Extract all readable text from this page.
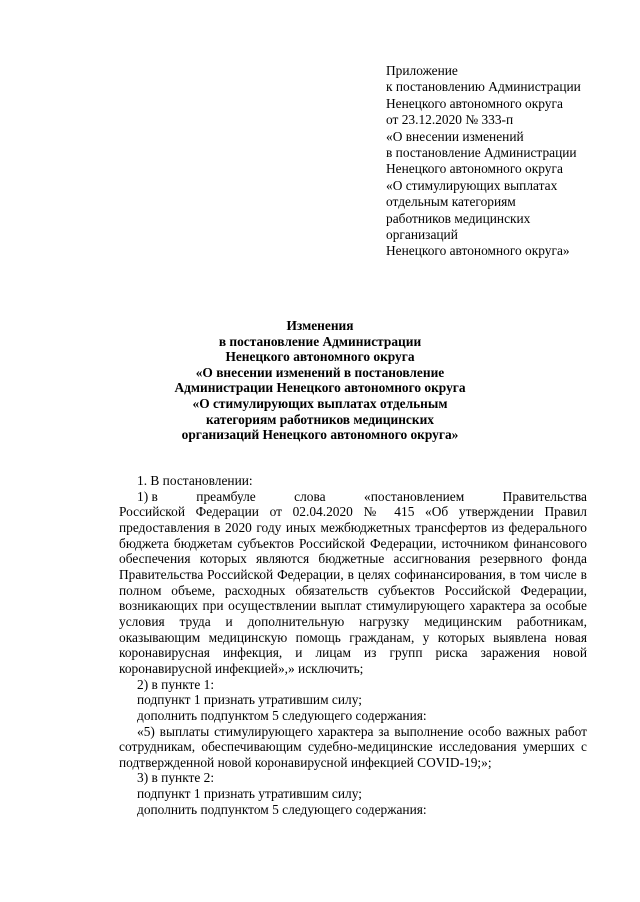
Приложение
к постановлению Администрации
Ненецкого автономного округа
от 23.12.2020 № 333-п
«О внесении изменений
в постановление Администрации
Ненецкого автономного округа
«О стимулирующих выплатах
отдельным категориям
работников медицинских
организаций
Ненецкого автономного округа»
Изменения
в постановление Администрации
Ненецкого автономного округа
«О внесении изменений в постановление
Администрации Ненецкого автономного округа
«О стимулирующих выплатах отдельным
категориям работников медицинских
организаций Ненецкого автономного округа»

1. В постановлении:

1) в	преамбуле	слова	«постановлением	Правительства

Российской Федерации от 02.04.2020 № 415 «Об утверждении Правил предоставления в 2020 году иных межбюджетных трансфертов из федерального бюджета бюджетам субъектов Российской Федерации, источником финансового обеспечения которых являются бюджетные ассигнования резервного фонда Правительства Российской Федерации, в целях софинансирования, в том числе в полном объеме, расходных обязательств субъектов Российской Федерации, возникающих при осуществлении выплат стимулирующего характера за особые условия труда и дополнительную нагрузку медицинским работникам, оказывающим медицинскую помощь гражданам, у которых выявлена новая коронавирусная инфекция, и лицам из групп риска заражения новой коронавирусной инфекцией»,» исключить;

2) в пункте 1:

подпункт 1 признать утратившим силу;

дополнить подпунктом 5 следующего содержания:

«5) выплаты стимулирующего характера за выполнение особо важных работ сотрудникам, обеспечивающим судебно-медицинские исследования умерших с подтвержденной новой коронавирусной инфекцией COVID-19;»;

3) в пункте 2:

подпункт 1 признать утратившим силу;

дополнить подпунктом 5 следующего содержания:
